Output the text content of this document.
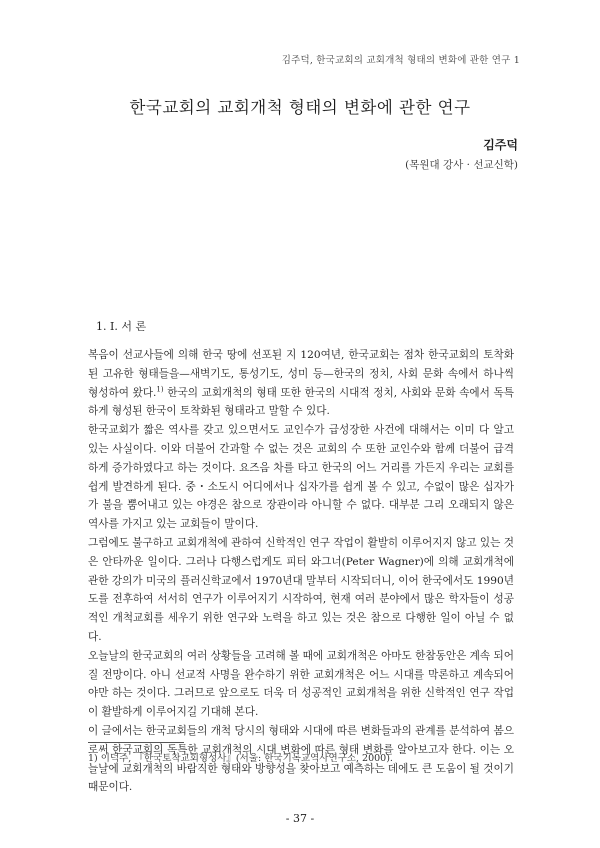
김주덕, 한국교회의 교회개척 형태의 변화에 관한 연구 1
한국교회의 교회개척 형태의 변화에 관한 연구
김주덕
(목원대 강사 · 선교신학)
1. I. 서 론

복음이 선교사들에 의해 한국 땅에 선포된 지 120여년, 한국교회는 점차 한국교회의 토착화된 고유한 형태들을—새벽기도, 통성기도, 성미 등—한국의 정치, 사회 문화 속에서 하나씩 형성하여 왔다.$^{1)}$ 한국의 교회개척의 형태 또한 한국의 시대적 정치, 사회와 문화 속에서 독특하게 형성된 한국이 토착화된 형태라고 말할 수 있다.

한국교회가 짧은 역사를 갖고 있으면서도 교인수가 급성장한 사건에 대해서는 이미 다 알고 있는 사실이다. 이와 더불어 간과할 수 없는 것은 교회의 수 또한 교인수와 함께 더불어 급격하게 증가하였다고 하는 것이다. 요즈음 차를 타고 한국의 어느 거리를 가든지 우리는 교회를 쉽게 발견하게 된다. 중・소도시 어디에서나 십자가를 쉽게 볼 수 있고, 수없이 많은 십자가가 불을 뿜어내고 있는 야경은 참으로 장관이라 아니할 수 없다. 대부분 그리 오래되지 않은 역사를 가지고 있는 교회들이 말이다.

그럼에도 불구하고 교회개척에 관하여 신학적인 연구 작업이 활발히 이루어지지 않고 있는 것은 안타까운 일이다. 그러나 다행스럽게도 피터 와그너(Peter Wagner)에 의해 교회개척에 관한 강의가 미국의 플러신학교에서 1970년대 말부터 시작되더니, 이어 한국에서도 1990년도를 전후하여 서서히 연구가 이루어지기 시작하여, 현재 여러 분야에서 많은 학자들이 성공적인 개척교회를 세우기 위한 연구와 노력을 하고 있는 것은 참으로 다행한 일이 아닐 수 없다.

오늘날의 한국교회의 여러 상황들을 고려해 볼 때에 교회개척은 아마도 한참동안은 계속 되어질 전망이다. 아니 선교적 사명을 완수하기 위한 교회개척은 어느 시대를 막론하고 계속되어야만 하는 것이다. 그러므로 앞으로도 더욱 더 성공적인 교회개척을 위한 신학적인 연구 작업이 활발하게 이루어지길 기대해 본다.

이 글에서는 한국교회들의 개척 당시의 형태와 시대에 따른 변화들과의 관계를 분석하여 봄으로써 한국교회의 독특한 교회개척의 시대 변화에 따른 형태 변화를 알아보고자 한다. 이는 오늘날에 교회개척의 바람직한 형태와 방향성을 찾아보고 예측하는 데에도 큰 도움이 될 것이기 때문이다.

1) 이덕주, 『한국토착교회형성사』(서울: 한국기독교역사연구소, 2000).
- 37 -
